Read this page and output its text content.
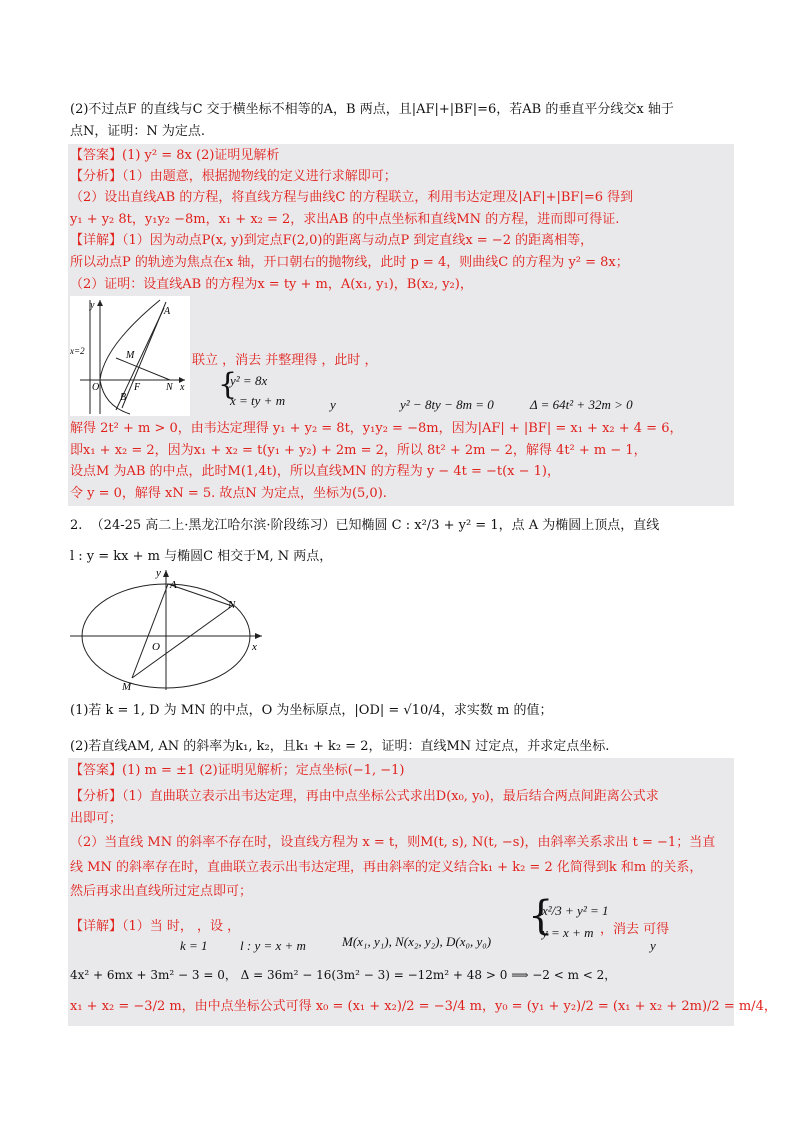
(2)不过点F 的直线与C 交于横坐标不相等的A，B 两点，且|AF|+|BF|=6，若AB 的垂直平分线交x 轴于
点N，证明：N 为定点.
【答案】(1) y² = 8x (2)证明见解析
【分析】（1）由题意，根据抛物线的定义进行求解即可；
（2）设出直线AB 的方程，将直线方程与曲线C 的方程联立，利用韦达定理及|AF|+|BF|=6 得到
y₁ + y₂ 8t，y₁y₂ −8m，x₁ + x₂ = 2，求出AB 的中点坐标和直线MN 的方程，进而即可得证.
【详解】（1）因为动点P(x, y)到定点F(2,0)的距离与动点P 到定直线x = −2 的距离相等，
所以动点P 的轨迹为焦点在x 轴，开口朝右的抛物线，此时 p = 4，则曲线C 的方程为 y² = 8x；
（2）证明：设直线AB 的方程为x = ty + m，A(x₁, y₁)，B(x₂, y₂)，
y
A
x=2	M
F	N x
O
B
联立 ，消去 并整理得 ，此时 ，
{
y² = 8x
x = ty + m	y	y² − 8ty − 8m = 0	Δ = 64t² + 32m > 0
解得 2t² + m > 0，由韦达定理得 y₁ + y₂ = 8t，y₁y₂ = −8m，因为|AF| + |BF| = x₁ + x₂ + 4 = 6，
即x₁ + x₂ = 2，因为x₁ + x₂ = t(y₁ + y₂) + 2m = 2，所以 8t² + 2m − 2，解得 4t² + m − 1，
设点M 为AB 的中点，此时M(1,4t)，所以直线MN 的方程为 y − 4t = −t(x − 1)，
令 y = 0，解得 xN = 5. 故点N 为定点，坐标为(5,0).
2. （24-25 高二上·黑龙江哈尔滨·阶段练习）已知椭圆 C : x²/3 + y² = 1，点 A 为椭圆上顶点，直线
l : y = kx + m 与椭圆C 相交于M, N 两点，
y
A
N
O	x
M
(1)若 k = 1, D 为 MN 的中点，O 为坐标原点，|OD| = √10/4，求实数 m 的值；
(2)若直线AM, AN 的斜率为k₁, k₂，且k₁ + k₂ = 2，证明：直线MN 过定点，并求定点坐标.
【答案】(1) m = ±1 (2)证明见解析；定点坐标(−1, −1)
【分析】（1）直曲联立表示出韦达定理，再由中点坐标公式求出D(x₀, y₀)，最后结合两点间距离公式求
出即可；
（2）当直线 MN 的斜率不存在时，设直线方程为 x = t，则M(t, s), N(t, −s)，由斜率关系求出 t = −1；当直
线 MN 的斜率存在时，直曲联立表示出韦达定理，再由斜率的定义结合k₁ + k₂ = 2 化简得到k 和m 的关系，
然后再求出直线所过定点即可；
【详解】（1）当 时， ，设 ，
k = 1 l : y = x + m	M(x₁, y₁), N(x₂, y₂), D(x₀, y₀)
{
x²/3 + y² = 1
y = x + m ，消去 可得
y
4x² + 6mx + 3m² − 3 = 0， Δ = 36m² − 16(3m² − 3) = −12m² + 48 > 0 ⟹ −2 < m < 2，
x₁ + x₂ = −3/2 m，由中点坐标公式可得 x₀ = (x₁ + x₂)/2 = −3/4 m，y₀ = (y₁ + y₂)/2 = (x₁ + x₂ + 2m)/2 = m/4，
